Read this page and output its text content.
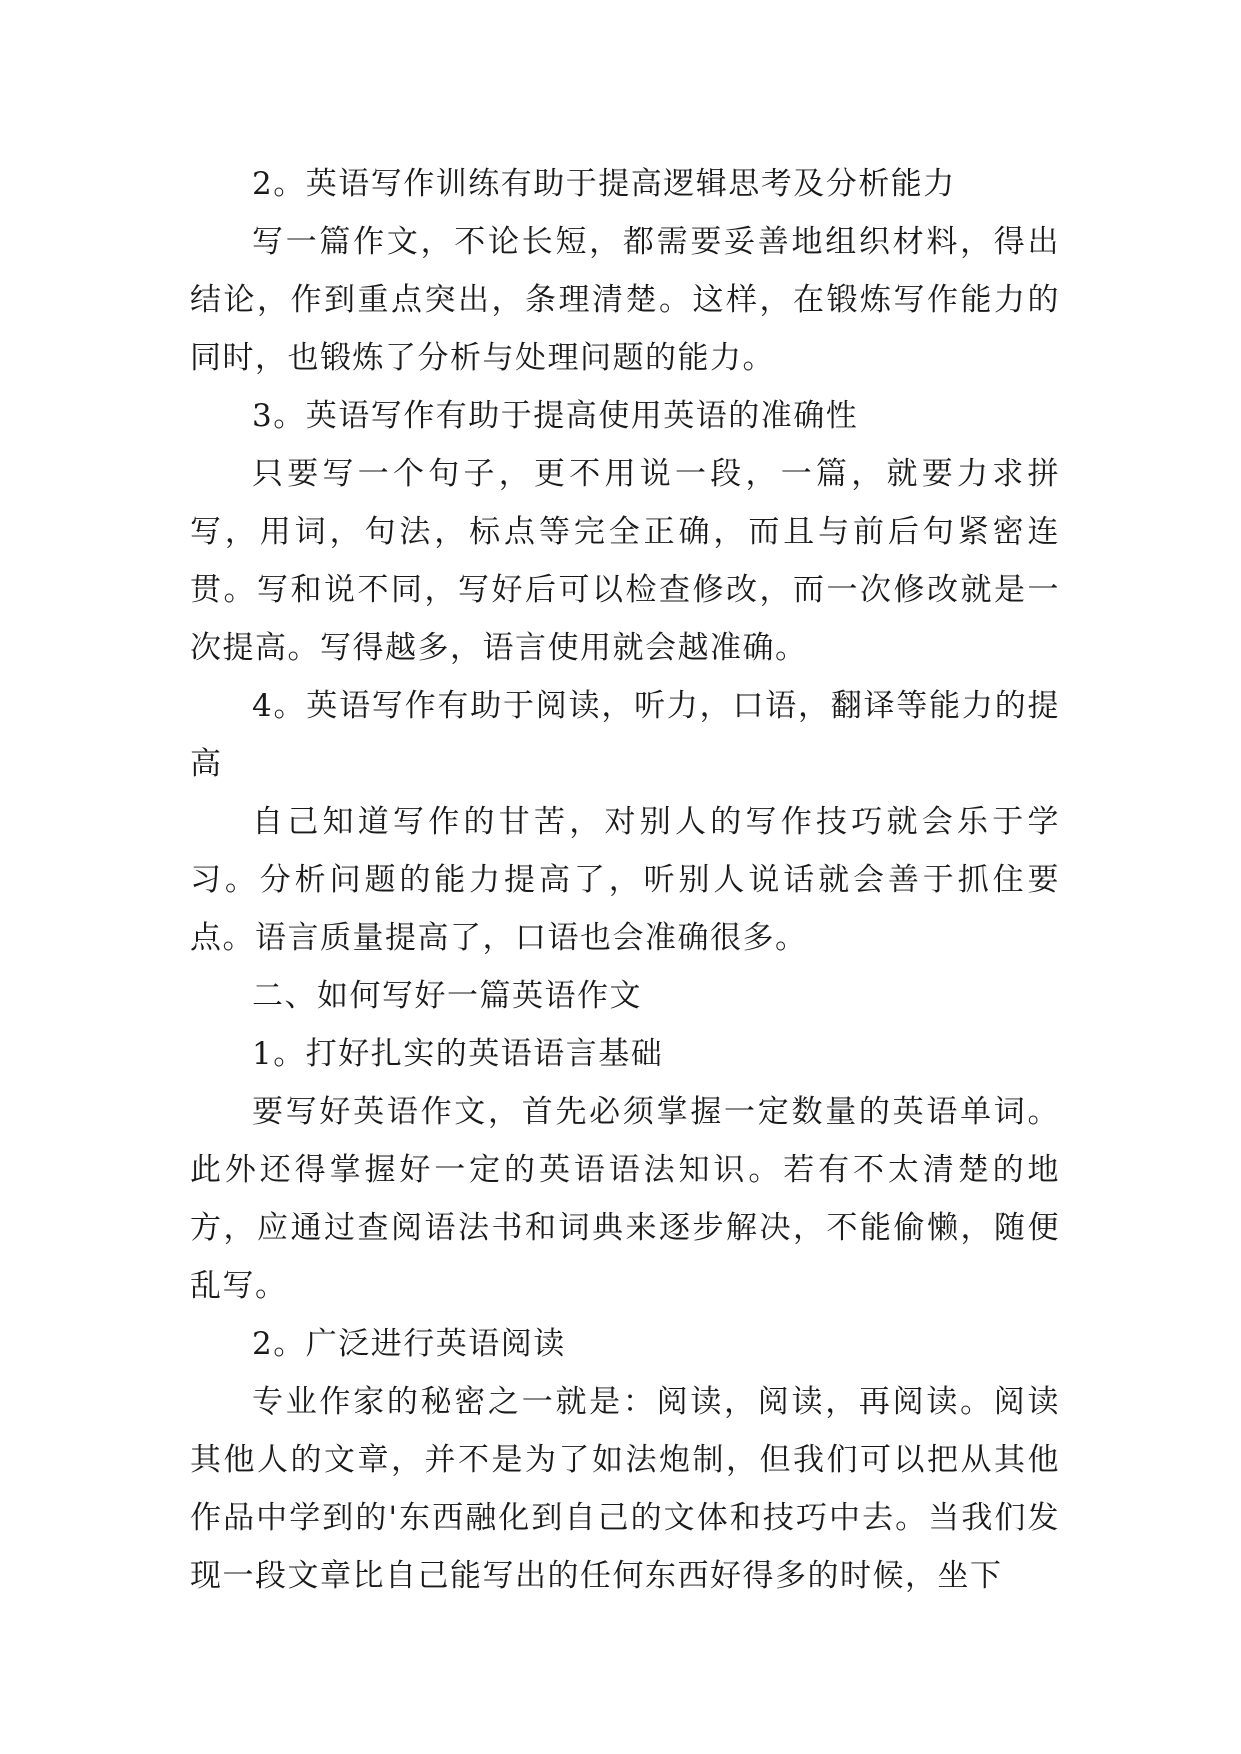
2。英语写作训练有助于提高逻辑思考及分析能力

写一篇作文，不论长短，都需要妥善地组织材料，得出结论，作到重点突出，条理清楚。这样，在锻炼写作能力的同时，也锻炼了分析与处理问题的能力。

3。英语写作有助于提高使用英语的准确性

只要写一个句子，更不用说一段，一篇，就要力求拼写，用词，句法，标点等完全正确，而且与前后句紧密连贯。写和说不同，写好后可以检查修改，而一次修改就是一次提高。写得越多，语言使用就会越准确。

4。英语写作有助于阅读，听力，口语，翻译等能力的提高

自己知道写作的甘苦，对别人的写作技巧就会乐于学习。分析问题的能力提高了，听别人说话就会善于抓住要点。语言质量提高了，口语也会准确很多。

二、如何写好一篇英语作文

1。打好扎实的英语语言基础

要写好英语作文，首先必须掌握一定数量的英语单词。此外还得掌握好一定的英语语法知识。若有不太清楚的地方，应通过查阅语法书和词典来逐步解决，不能偷懒，随便乱写。

2。广泛进行英语阅读

专业作家的秘密之一就是：阅读，阅读，再阅读。阅读其他人的文章，并不是为了如法炮制，但我们可以把从其他作品中学到的'东西融化到自己的文体和技巧中去。当我们发现一段文章比自己能写出的任何东西好得多的时候，坐下
